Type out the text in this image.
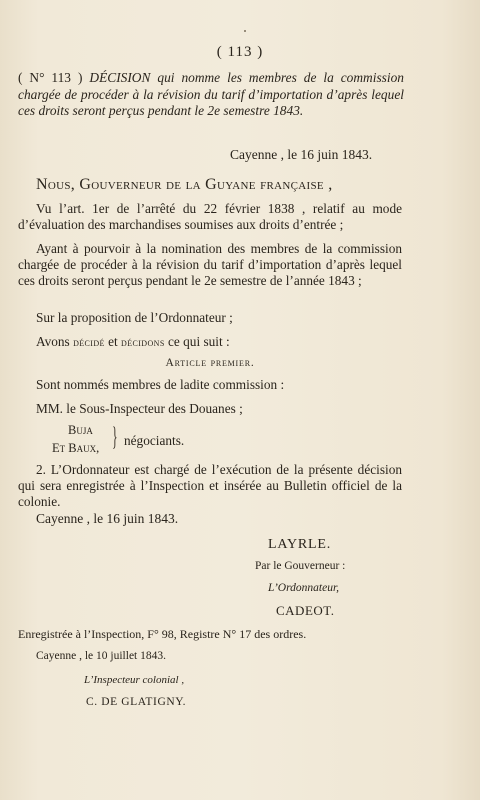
( 113 )
( N° 113 ) DÉCISION qui nomme les membres de la commission chargée de procéder à la révision du tarif d’importation d’après lequel ces droits seront perçus pendant le 2e semestre 1843.
Cayenne , le 16 juin 1843.
Nous, Gouverneur de la Guyane française ,
Vu l’art. 1er de l’arrêté du 22 février 1838 , relatif au mode d’évaluation des marchandises soumises aux droits d’entrée ;
Ayant à pourvoir à la nomination des membres de la commission chargée de procéder à la révision du tarif d’importation d’après lequel ces droits seront perçus pendant le 2e semestre de l’année 1843 ;
Sur la proposition de l’Ordonnateur ;
Avons décidé et décidons ce qui suit :
Article premier.
Sont nommés membres de ladite commission :
MM. le Sous-Inspecteur des Douanes ;
Buja
Et Baux, } négociants.
2. L’Ordonnateur est chargé de l’exécution de la présente décision qui sera enregistrée à l’Inspection et insérée au Bulletin officiel de la colonie.
Cayenne , le 16 juin 1843.
LAYRLE.
Par le Gouverneur :
L’Ordonnateur,
CADEOT.
Enregistrée à l’Inspection, F° 98, Registre N° 17 des ordres.
Cayenne , le 10 juillet 1843.
L’Inspecteur colonial ,
C. DE GLATIGNY.
